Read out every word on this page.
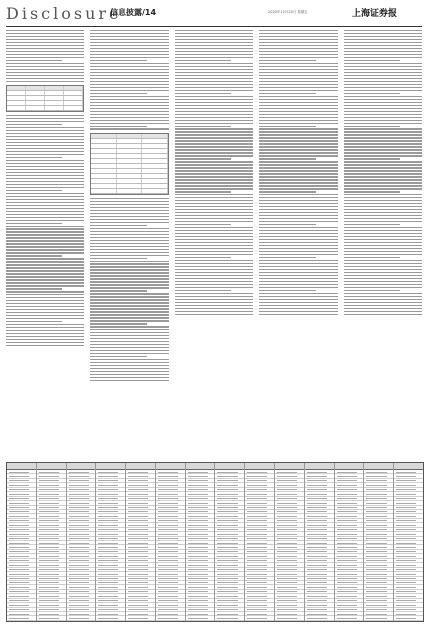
Disclosure
信息披露/14	2020年12月25日 星期五	上海证券报
